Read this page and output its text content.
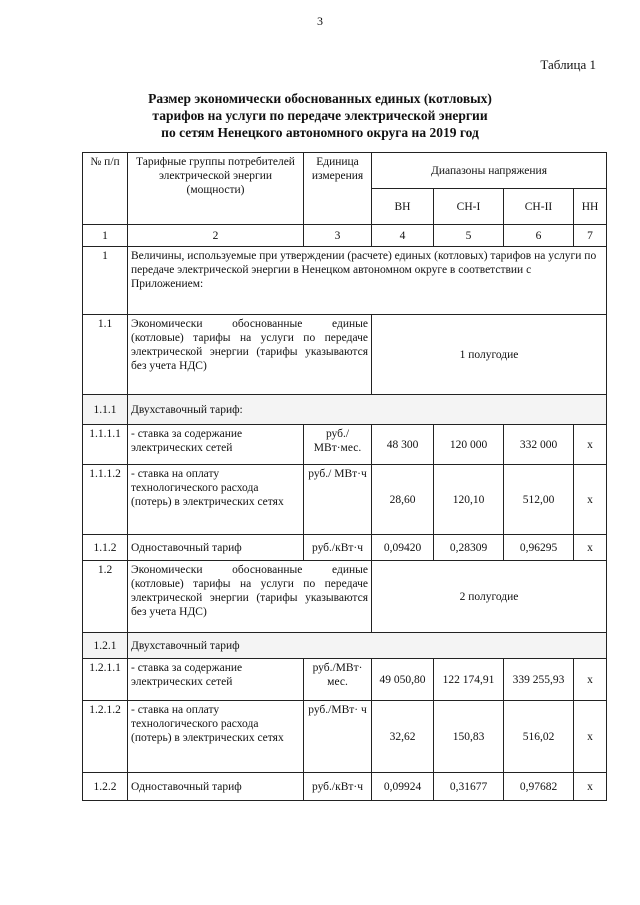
3
Таблица 1
Размер экономически обоснованных единых (котловых)
тарифов на услуги по передаче электрической энергии
по сетям Ненецкого автономного округа на 2019 год
№ п/п	Тарифные группы потребителей электрической энергии (мощности)	Единица измерения	Диапазоны напряжения			
			ВН	СН-I	СН-II	НН
1	2	3	4	5	6	7
1	Величины, используемые при утверждении (расчете) единых (котловых) тарифов на услуги по передаче электрической энергии в Ненецком автономном округе в соответствии с Приложением:					
1.1	Экономически обоснованные единые (котловые) тарифы на услуги по передаче электрической энергии (тарифы указываются без учета НДС)		1 полугодие			
1.1.1	Двухставочный тариф:					
1.1.1.1	- ставка за содержание электрических сетей	руб./ МВт·мес.	48 300	120 000	332 000	х
1.1.1.2	- ставка на оплату технологического расхода (потерь) в электрических сетях	руб./ МВт·ч	28,60	120,10	512,00	х
1.1.2	Одноставочный тариф	руб./кВт·ч	0,09420	0,28309	0,96295	х
1.2	Экономически обоснованные единые (котловые) тарифы на услуги по передаче электрической энергии (тарифы указываются без учета НДС)		2 полугодие			
1.2.1	Двухставочный тариф					
1.2.1.1	- ставка за содержание электрических сетей	руб./МВт· мес.	49 050,80	122 174,91	339 255,93	х
1.2.1.2	- ставка на оплату технологического расхода (потерь) в электрических сетях	руб./МВт· ч	32,62	150,83	516,02	х
1.2.2	Одноставочный тариф	руб./кВт·ч	0,09924	0,31677	0,97682	х
